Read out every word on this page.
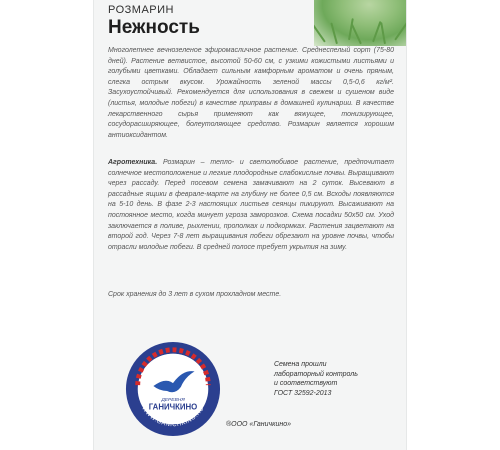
РОЗМАРИН
Нежность

Многолетнее вечнозеленое эфиромасличное растение. Среднеспелый сорт (75-80 дней). Растение ветвистое, высотой 50-60 см, с узкими кожистыми листьями и голубыми цветками. Обладает сильным камфорным ароматом и очень пряным, слегка острым вкусом. Урожайность зеленой массы 0,5-0,6 кг/м². Засухоустойчивый. Рекомендуется для использования в свежем и сушеном виде (листья, молодые побеги) в качестве приправы в домашней кулинарии. В качестве лекарственного сырья применяют как вяжущее, тонизирующее, сосудорасширяющее, болеутоляющее средство. Розмарин является хорошим антиоксидантом.

Агротехника. Розмарин – тепло- и светолюбивое растение, предпочитает солнечное местоположение и легкие плодородные слабокислые почвы. Выращивают через рассаду. Перед посевом семена замачивают на 2 суток. Высевают в рассадные ящики в феврале-марте на глубину не более 0,5 см. Всходы появляются на 5-10 день. В фазе 2-3 настоящих листьев сеянцы пикируют. Высаживают на постоянное место, когда минует угроза заморозков. Схема посадки 50х50 см. Уход заключается в поливе, рыхлении, прополках и подкормках. Растения зацветают на второй год. Через 7-8 лет выращивания побеги обрезают на уровне почвы, чтобы отрасли молодые побеги. В средней полосе требует укрытия на зиму.

Срок хранения до 3 лет в сухом прохладном месте.

ДЕРЕВНЯ
ГАНИЧКИНО
WWW.GANICHKINO.RU
Семена прошли
лабораторный контроль
и соответствуют
ГОСТ 32592-2013
®ООО «Ганичкино»
